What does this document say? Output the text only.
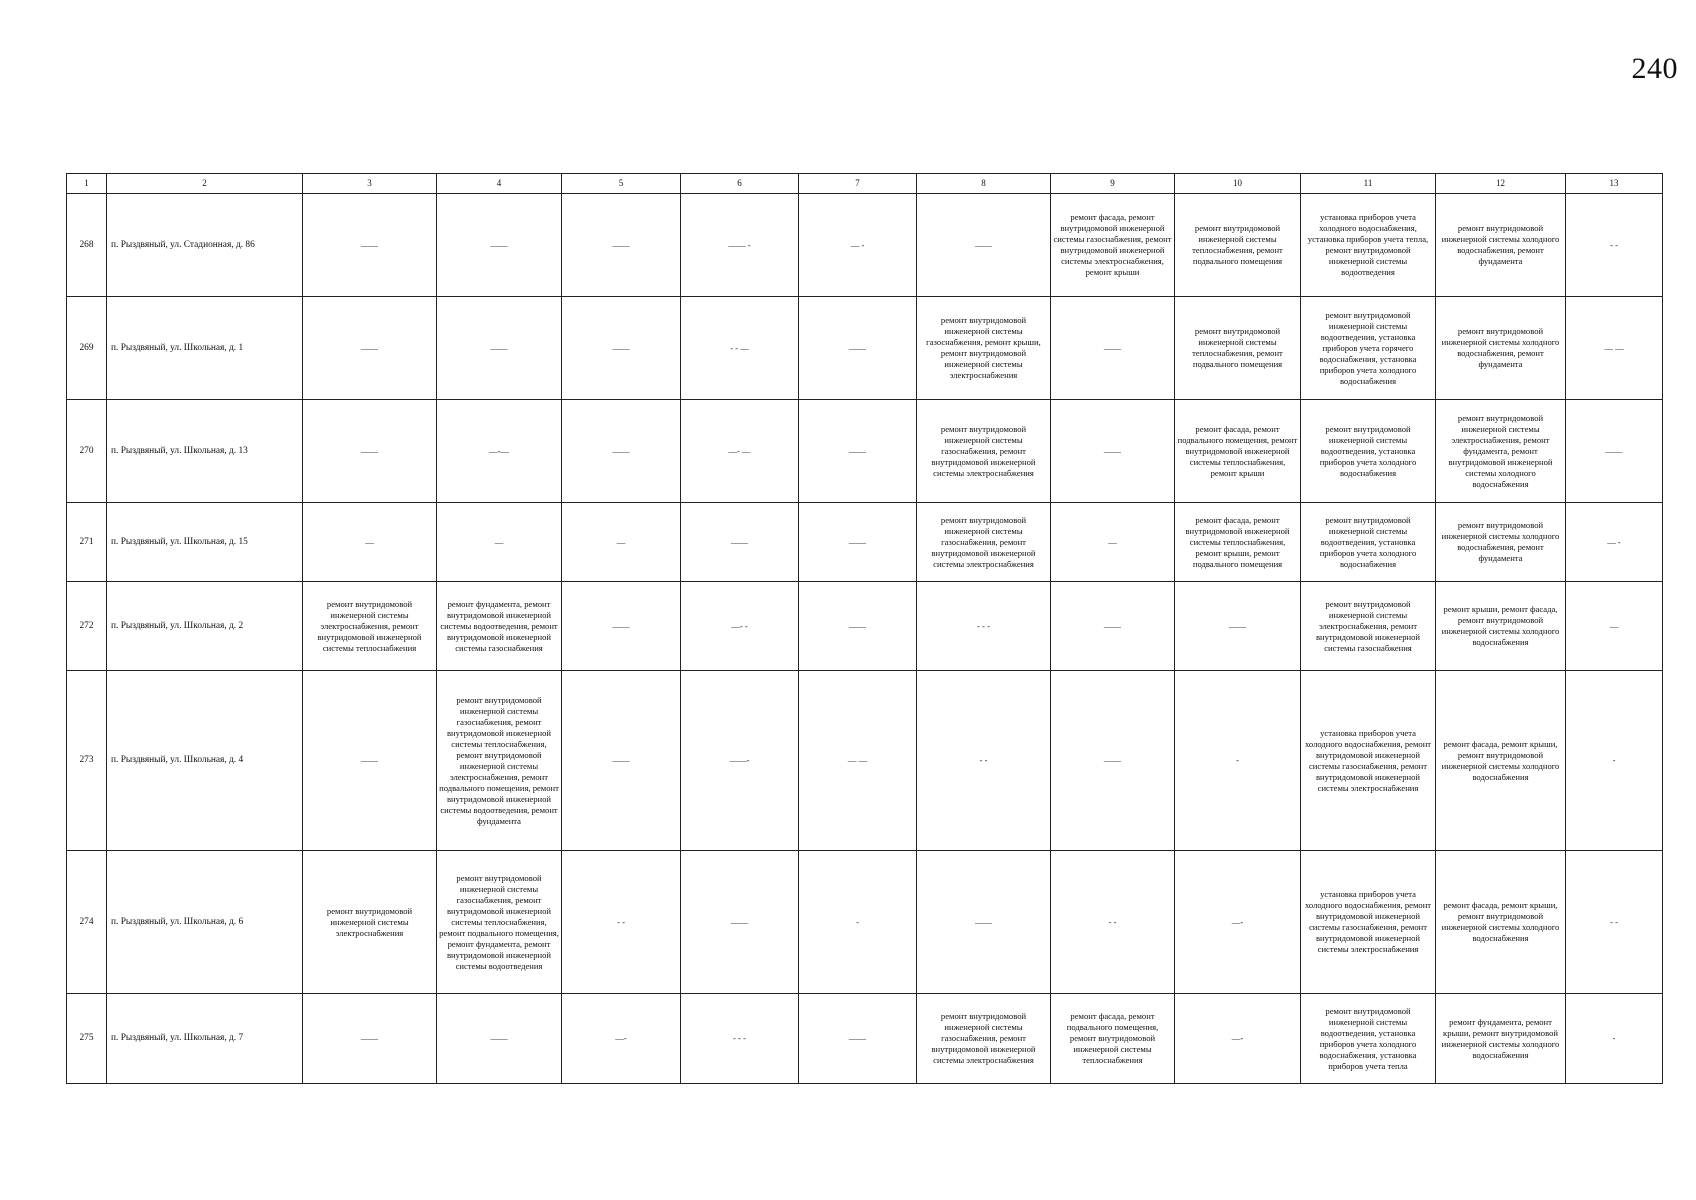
240
1	2	3	4	5	6	7	8	9	10	11	12	13
268	п. Рыздвяный, ул. Стадионная, д. 86	——	——	——	—— -	— -	——	ремонт фасада, ремонт внутридомовой инженерной системы газоснабжения, ремонт внутридомовой инженерной системы электроснабжения, ремонт крыши	ремонт внутридомовой инженерной системы теплоснабжения, ремонт подвального помещения	установка приборов учета холодного водоснабжения, установка приборов учета тепла, ремонт внутридомовой инженерной системы водоотведения	ремонт внутридомовой инженерной системы холодного водоснабжения, ремонт фундамента	- -
269	п. Рыздвяный, ул. Школьная, д. 1	——	——	——	- - —	——	ремонт внутридомовой инженерной системы газоснабжения, ремонт крыши, ремонт внутридомовой инженерной системы электроснабжения	——	ремонт внутридомовой инженерной системы теплоснабжения, ремонт подвального помещения	ремонт внутридомовой инженерной системы водоотведения, установка приборов учета горячего водоснабжения, установка приборов учета холодного водоснабжения	ремонт внутридомовой инженерной системы холодного водоснабжения, ремонт фундамента	— —
270	п. Рыздвяный, ул. Школьная, д. 13	——	—-—	——	—- —	——	ремонт внутридомовой инженерной системы газоснабжения, ремонт внутридомовой инженерной системы электроснабжения	——	ремонт фасада, ремонт подвального помещения, ремонт внутридомовой инженерной системы теплоснабжения, ремонт крыши	ремонт внутридомовой инженерной системы водоотведения, установка приборов учета холодного водоснабжения	ремонт внутридомовой инженерной системы электроснабжения, ремонт фундамента, ремонт внутридомовой инженерной системы холодного водоснабжения	——
271	п. Рыздвяный, ул. Школьная, д. 15	—	—	—	——	——	ремонт внутридомовой инженерной системы газоснабжения, ремонт внутридомовой инженерной системы электроснабжения	—	ремонт фасада, ремонт внутридомовой инженерной системы теплоснабжения, ремонт крыши, ремонт подвального помещения	ремонт внутридомовой инженерной системы водоотведения, установка приборов учета холодного водоснабжения	ремонт внутридомовой инженерной системы холодного водоснабжения, ремонт фундамента	— -
272	п. Рыздвяный, ул. Школьная, д. 2	ремонт внутридомовой инженерной системы электроснабжения, ремонт внутридомовой инженерной системы теплоснабжения	ремонт фундамента, ремонт внутридомовой инженерной системы водоотведения, ремонт внутридомовой инженерной системы газоснабжения	——	—- -	——	- - -	——	——	ремонт внутридомовой инженерной системы электроснабжения, ремонт внутридомовой инженерной системы газоснабжения	ремонт крыши, ремонт фасада, ремонт внутридомовой инженерной системы холодного водоснабжения	—
273	п. Рыздвяный, ул. Школьная, д. 4	——	ремонт внутридомовой инженерной системы газоснабжения, ремонт внутридомовой инженерной системы теплоснабжения, ремонт внутридомовой инженерной системы электроснабжения, ремонт подвального помещения, ремонт внутридомовой инженерной системы водоотведения, ремонт фундамента	——	——-	— —	- -	——	-	установка приборов учета холодного водоснабжения, ремонт внутридомовой инженерной системы газоснабжения, ремонт внутридомовой инженерной системы электроснабжения	ремонт фасада, ремонт крыши, ремонт внутридомовой инженерной системы холодного водоснабжения	-
274	п. Рыздвяный, ул. Школьная, д. 6	ремонт внутридомовой инженерной системы электроснабжения	ремонт внутридомовой инженерной системы газоснабжения, ремонт внутридомовой инженерной системы теплоснабжения, ремонт подвального помещения, ремонт фундамента, ремонт внутридомовой инженерной системы водоотведения	- -	——	-	——	- -	—-	установка приборов учета холодного водоснабжения, ремонт внутридомовой инженерной системы газоснабжения, ремонт внутридомовой инженерной системы электроснабжения	ремонт фасада, ремонт крыши, ремонт внутридомовой инженерной системы холодного водоснабжения	- -
275	п. Рыздвяный, ул. Школьная, д. 7	——	——	—-	- - -	——	ремонт внутридомовой инженерной системы газоснабжения, ремонт внутридомовой инженерной системы электроснабжения	ремонт фасада, ремонт подвального помещения, ремонт внутридомовой инженерной системы теплоснабжения	—-	ремонт внутридомовой инженерной системы водоотведения, установка приборов учета холодного водоснабжения, установка приборов учета тепла	ремонт фундамента, ремонт крыши, ремонт внутридомовой инженерной системы холодного водоснабжения	-
